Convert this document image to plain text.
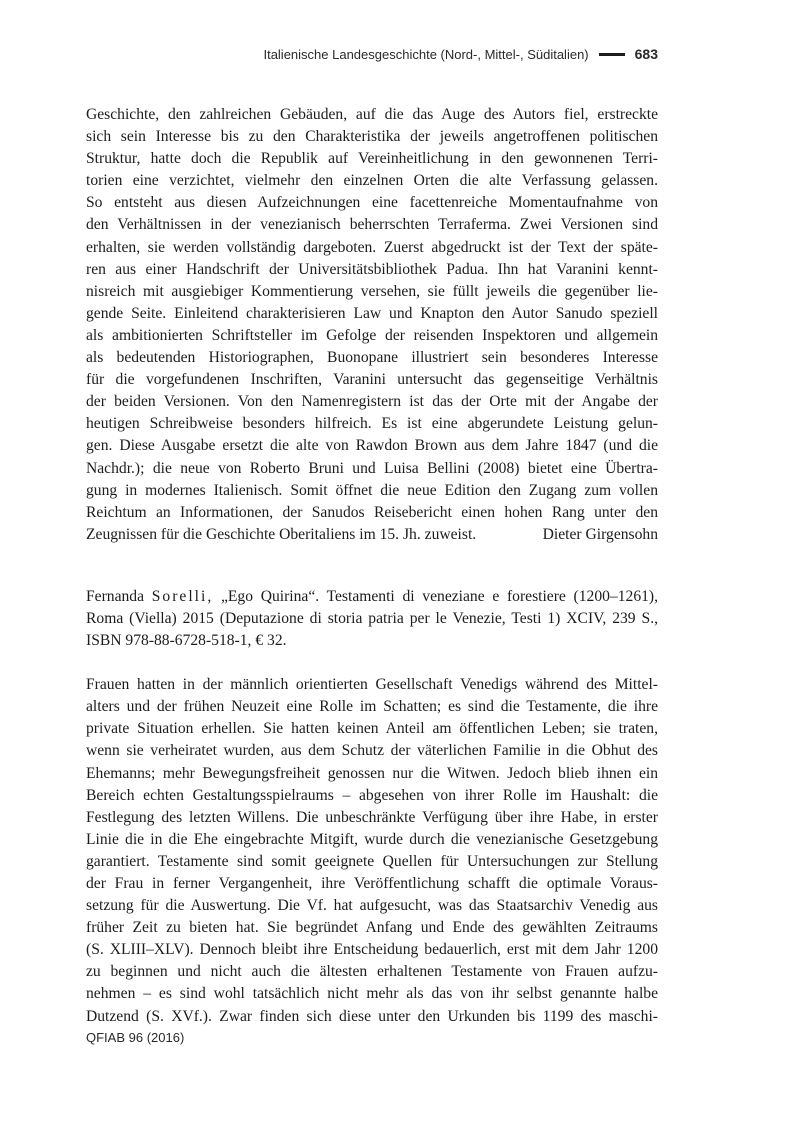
Italienische Landesgeschichte (Nord-, Mittel-, Süditalien)	683
Geschichte, den zahlreichen Gebäuden, auf die das Auge des Autors fiel, erstreckte
sich sein Interesse bis zu den Charakteristika der jeweils angetroffenen politischen
Struktur, hatte doch die Republik auf Vereinheitlichung in den gewonnenen Terri-
torien eine verzichtet, vielmehr den einzelnen Orten die alte Verfassung gelassen.
So entsteht aus diesen Aufzeichnungen eine facettenreiche Momentaufnahme von
den Verhältnissen in der venezianisch beherrschten Terraferma. Zwei Versionen sind
erhalten, sie werden vollständig dargeboten. Zuerst abgedruckt ist der Text der späte-
ren aus einer Handschrift der Universitätsbibliothek Padua. Ihn hat Varanini kennt-
nisreich mit ausgiebiger Kommentierung versehen, sie füllt jeweils die gegenüber lie-
gende Seite. Einleitend charakterisieren Law und Knapton den Autor Sanudo speziell
als ambitionierten Schriftsteller im Gefolge der reisenden Inspektoren und allgemein
als bedeutenden Historiographen, Buonopane illustriert sein besonderes Interesse
für die vorgefundenen Inschriften, Varanini untersucht das gegenseitige Verhältnis
der beiden Versionen. Von den Namenregistern ist das der Orte mit der Angabe der
heutigen Schreibweise besonders hilfreich. Es ist eine abgerundete Leistung gelun-
gen. Diese Ausgabe ersetzt die alte von Rawdon Brown aus dem Jahre 1847 (und die
Nachdr.); die neue von Roberto Bruni und Luisa Bellini (2008) bietet eine Übertra-
gung in modernes Italienisch. Somit öffnet die neue Edition den Zugang zum vollen
Reichtum an Informationen, der Sanudos Reisebericht einen hohen Rang unter den
Zeugnissen für die Geschichte Oberitaliens im 15. Jh. zuweist.	Dieter Girgensohn
Fernanda Sorelli, „Ego Quirina“. Testamenti di veneziane e forestiere (1200–1261),
Roma (Viella) 2015 (Deputazione di storia patria per le Venezie, Testi 1) XCIV, 239 S.,
ISBN 978-88-6728-518-1, € 32.
Frauen hatten in der männlich orientierten Gesellschaft Venedigs während des Mittel-
alters und der frühen Neuzeit eine Rolle im Schatten; es sind die Testamente, die ihre
private Situation erhellen. Sie hatten keinen Anteil am öffentlichen Leben; sie traten,
wenn sie verheiratet wurden, aus dem Schutz der väterlichen Familie in die Obhut des
Ehemanns; mehr Bewegungsfreiheit genossen nur die Witwen. Jedoch blieb ihnen ein
Bereich echten Gestaltungsspielraums – abgesehen von ihrer Rolle im Haushalt: die
Festlegung des letzten Willens. Die unbeschränkte Verfügung über ihre Habe, in erster
Linie die in die Ehe eingebrachte Mitgift, wurde durch die venezianische Gesetzgebung
garantiert. Testamente sind somit geeignete Quellen für Untersuchungen zur Stellung
der Frau in ferner Vergangenheit, ihre Veröffentlichung schafft die optimale Voraus-
setzung für die Auswertung. Die Vf. hat aufgesucht, was das Staatsarchiv Venedig aus
früher Zeit zu bieten hat. Sie begründet Anfang und Ende des gewählten Zeitraums
(S. XLIII–XLV). Dennoch bleibt ihre Entscheidung bedauerlich, erst mit dem Jahr 1200
zu beginnen und nicht auch die ältesten erhaltenen Testamente von Frauen aufzu-
nehmen – es sind wohl tatsächlich nicht mehr als das von ihr selbst genannte halbe
Dutzend (S. XVf.). Zwar finden sich diese unter den Urkunden bis 1199 des maschi-
QFIAB 96 (2016)
